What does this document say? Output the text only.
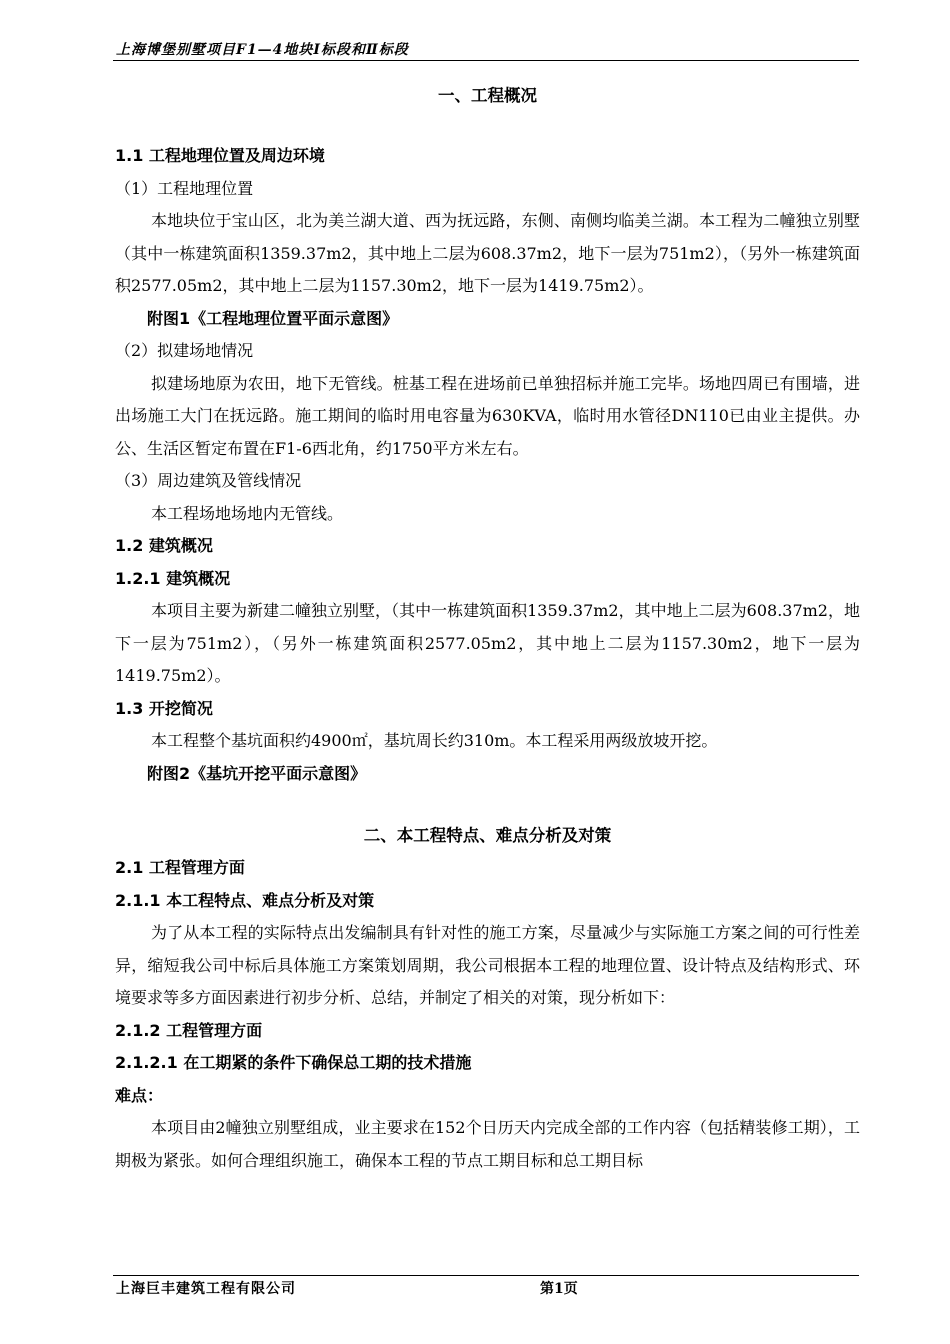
上海博堡别墅项目F1—4地块Ⅰ标段和Ⅱ标段
一、工程概况
1.1 工程地理位置及周边环境
（1）工程地理位置
本地块位于宝山区，北为美兰湖大道、西为抚远路，东侧、南侧均临美兰湖。本工程为二幢独立别墅（其中一栋建筑面积1359.37m2，其中地上二层为608.37m2，地下一层为751m2），（另外一栋建筑面积2577.05m2，其中地上二层为1157.30m2，地下一层为1419.75m2）。
附图1《工程地理位置平面示意图》
（2）拟建场地情况
拟建场地原为农田，地下无管线。桩基工程在进场前已单独招标并施工完毕。场地四周已有围墙，进出场施工大门在抚远路。施工期间的临时用电容量为630KVA，临时用水管径DN110已由业主提供。办公、生活区暂定布置在F1-6西北角，约1750平方米左右。
（3）周边建筑及管线情况
本工程场地场地内无管线。
1.2 建筑概况
1.2.1 建筑概况
本项目主要为新建二幢独立别墅，（其中一栋建筑面积1359.37m2，其中地上二层为608.37m2，地下一层为751m2），（另外一栋建筑面积2577.05m2，其中地上二层为1157.30m2，地下一层为1419.75m2）。
1.3 开挖简况
本工程整个基坑面积约4900㎡，基坑周长约310m。本工程采用两级放坡开挖。
附图2《基坑开挖平面示意图》
二、本工程特点、难点分析及对策
2.1 工程管理方面
2.1.1 本工程特点、难点分析及对策
为了从本工程的实际特点出发编制具有针对性的施工方案，尽量减少与实际施工方案之间的可行性差异，缩短我公司中标后具体施工方案策划周期，我公司根据本工程的地理位置、设计特点及结构形式、环境要求等多方面因素进行初步分析、总结，并制定了相关的对策，现分析如下：
2.1.2 工程管理方面
2.1.2.1 在工期紧的条件下确保总工期的技术措施
难点：
本项目由2幢独立别墅组成，业主要求在152个日历天内完成全部的工作内容（包括精装修工期），工期极为紧张。如何合理组织施工，确保本工程的节点工期目标和总工期目标
上海巨丰建筑工程有限公司	第1页
